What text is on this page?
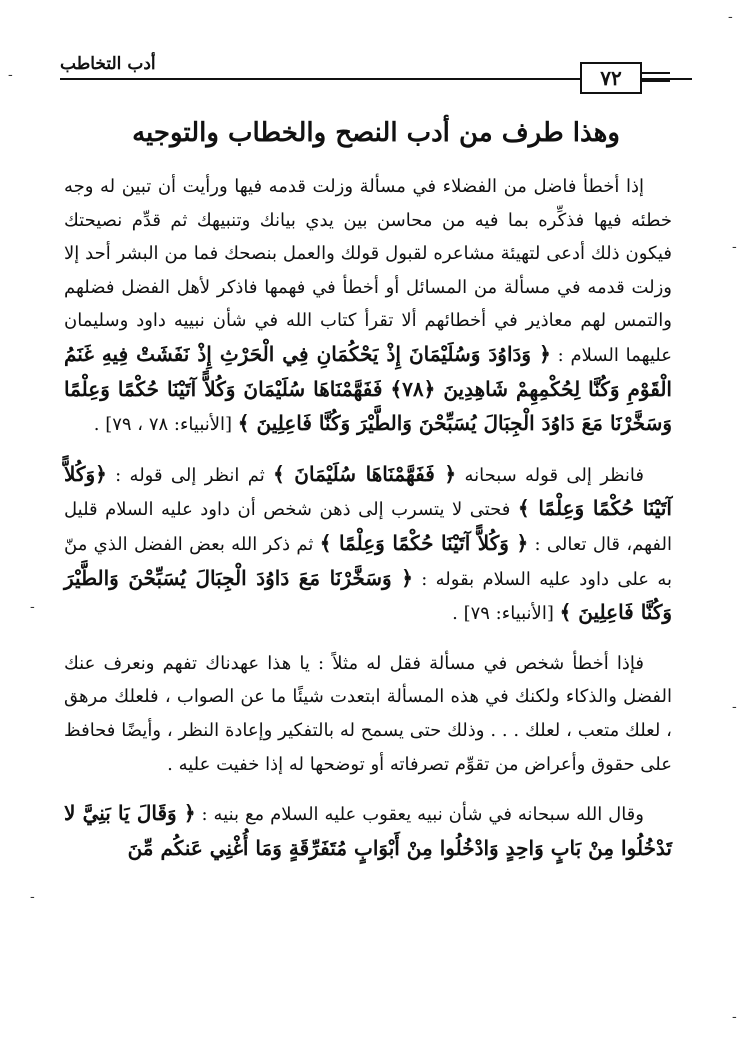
أدب التخاطب
٧٢
وهذا طرف من أدب النصح والخطاب والتوجيه

إذا أخطأ فاضل من الفضلاء في مسألة وزلت قدمه فيها ورأيت أن تبين له وجه خطئه فيها فذكِّره بما فيه من محاسن بين يدي بيانك وتنبيهك ثم قدِّم نصيحتك فيكون ذلك أدعى لتهيئة مشاعره لقبول قولك والعمل بنصحك فما من البشر أحد إلا وزلت قدمه في مسألة من المسائل أو أخطأ في فهمها فاذكر لأهل الفضل فضلهم والتمس لهم معاذير في أخطائهم ألا تقرأ كتاب الله في شأن نبييه داود وسليمان عليهما السلام : ﴿ وَدَاوُدَ وَسُلَيْمَانَ إِذْ يَحْكُمَانِ فِي الْحَرْثِ إِذْ نَفَشَتْ فِيهِ غَنَمُ الْقَوْمِ وَكُنَّا لِحُكْمِهِمْ شَاهِدِينَ ﴿٧٨﴾ فَفَهَّمْنَاهَا سُلَيْمَانَ وَكُلاًّ آتَيْنَا حُكْمًا وَعِلْمًا وَسَخَّرْنَا مَعَ دَاوُدَ الْجِبَالَ يُسَبِّحْنَ وَالطَّيْرَ وَكُنَّا فَاعِلِينَ ﴾ [الأنبياء: ٧٨ ، ٧٩] .

فانظر إلى قوله سبحانه ﴿ فَفَهَّمْنَاهَا سُلَيْمَانَ ﴾ ثم انظر إلى قوله : ﴿وَكُلاًّ آتَيْنَا حُكْمًا وَعِلْمًا ﴾ فحتى لا يتسرب إلى ذهن شخص أن داود عليه السلام قليل الفهم، قال تعالى : ﴿ وَكُلاًّ آتَيْنَا حُكْمًا وَعِلْمًا ﴾ ثم ذكر الله بعض الفضل الذي منّ به على داود عليه السلام بقوله : ﴿ وَسَخَّرْنَا مَعَ دَاوُدَ الْجِبَالَ يُسَبِّحْنَ وَالطَّيْرَ وَكُنَّا فَاعِلِينَ ﴾ [الأنبياء: ٧٩] .

فإذا أخطأ شخص في مسألة فقل له مثلاً : يا هذا عهدناك تفهم ونعرف عنك الفضل والذكاء ولكنك في هذه المسألة ابتعدت شيئًا ما عن الصواب ، فلعلك مرهق ، لعلك متعب ، لعلك . . . وذلك حتى يسمح له بالتفكير وإعادة النظر ، وأيضًا فحافظ على حقوق وأعراض من تقوِّم تصرفاته أو توضحها له إذا خفيت عليه .

وقال الله سبحانه في شأن نبيه يعقوب عليه السلام مع بنيه : ﴿ وَقَالَ يَا بَنِيَّ لا تَدْخُلُوا مِنْ بَابٍ وَاحِدٍ وَادْخُلُوا مِنْ أَبْوَابٍ مُتَفَرِّقَةٍ وَمَا أُغْنِي عَنكُم مِّنَ

-
-
-
-
-
-
-
